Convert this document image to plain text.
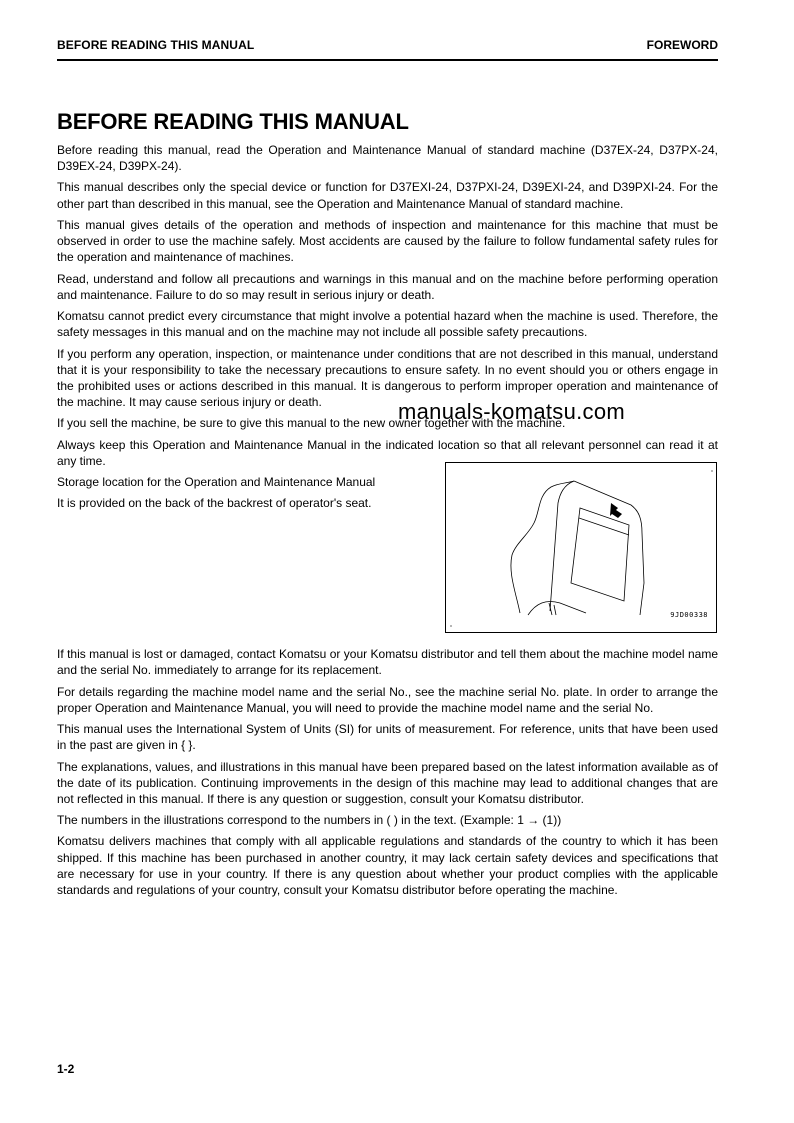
BEFORE READING THIS MANUAL	FOREWORD
BEFORE READING THIS MANUAL

Before reading this manual, read the Operation and Maintenance Manual of standard machine (D37EX-24, D37PX-24, D39EX-24, D39PX-24).

This manual describes only the special device or function for D37EXI-24, D37PXI-24, D39EXI-24, and D39PXI-24. For the other part than described in this manual, see the Operation and Maintenance Manual of standard machine.

This manual gives details of the operation and methods of inspection and maintenance for this machine that must be observed in order to use the machine safely. Most accidents are caused by the failure to follow fundamental safety rules for the operation and maintenance of machines.

Read, understand and follow all precautions and warnings in this manual and on the machine before performing operation and maintenance. Failure to do so may result in serious injury or death.

Komatsu cannot predict every circumstance that might involve a potential hazard when the machine is used. Therefore, the safety messages in this manual and on the machine may not include all possible safety precautions.

If you perform any operation, inspection, or maintenance under conditions that are not described in this manual, understand that it is your responsibility to take the necessary precautions to ensure safety. In no event should you or others engage in the prohibited uses or actions described in this manual. It is dangerous to perform improper operation and maintenance of the machine. It may cause serious injury or death.

If you sell the machine, be sure to give this manual to the new owner together with the machine.

Always keep this Operation and Maintenance Manual in the indicated location so that all relevant personnel can read it at any time.

Storage location for the Operation and Maintenance Manual

It is provided on the back of the backrest of operator's seat.

9JD00338

If this manual is lost or damaged, contact Komatsu or your Komatsu distributor and tell them about the machine model name and the serial No. immediately to arrange for its replacement.

For details regarding the machine model name and the serial No., see the machine serial No. plate. In order to arrange the proper Operation and Maintenance Manual, you will need to provide the machine model name and the serial No.

This manual uses the International System of Units (SI) for units of measurement. For reference, units that have been used in the past are given in { }.

The explanations, values, and illustrations in this manual have been prepared based on the latest information available as of the date of its publication. Continuing improvements in the design of this machine may lead to additional changes that are not reflected in this manual. If there is any question or suggestion, consult your Komatsu distributor.

The numbers in the illustrations correspond to the numbers in ( ) in the text. (Example: 1 → (1))

Komatsu delivers machines that comply with all applicable regulations and standards of the country to which it has been shipped. If this machine has been purchased in another country, it may lack certain safety devices and specifications that are necessary for use in your country. If there is any question about whether your product complies with the applicable standards and regulations of your country, consult your Komatsu distributor before operating the machine.

manuals-komatsu.com
1-2
